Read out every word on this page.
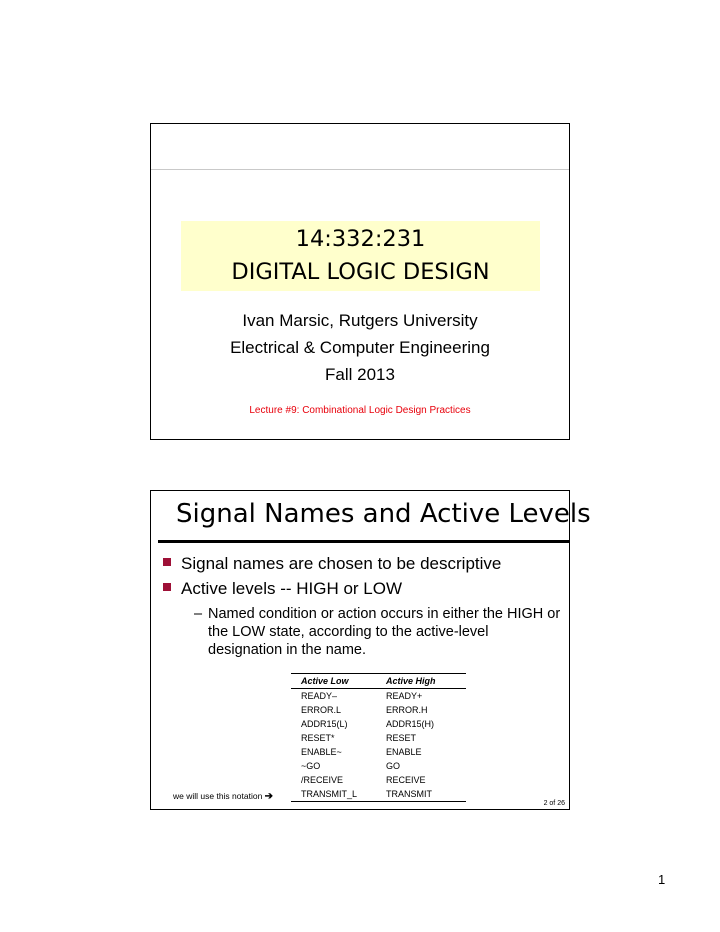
14:332:231
DIGITAL LOGIC DESIGN
Ivan Marsic, Rutgers University
Electrical & Computer Engineering
Fall 2013
Lecture #9: Combinational Logic Design Practices
Signal Names and Active Levels
Signal names are chosen to be descriptive
Active levels -- HIGH or LOW
– Named condition or action occurs in either the HIGH or the LOW state, according to the active-level designation in the name.
Active Low	Active High
READY–	READY+
ERROR.L	ERROR.H
ADDR15(L)	ADDR15(H)
RESET*	RESET
ENABLE~	ENABLE
~GO	GO
/RECEIVE	RECEIVE
TRANSMIT_L	TRANSMIT
we will use this notation ➔
2 of 26
1
